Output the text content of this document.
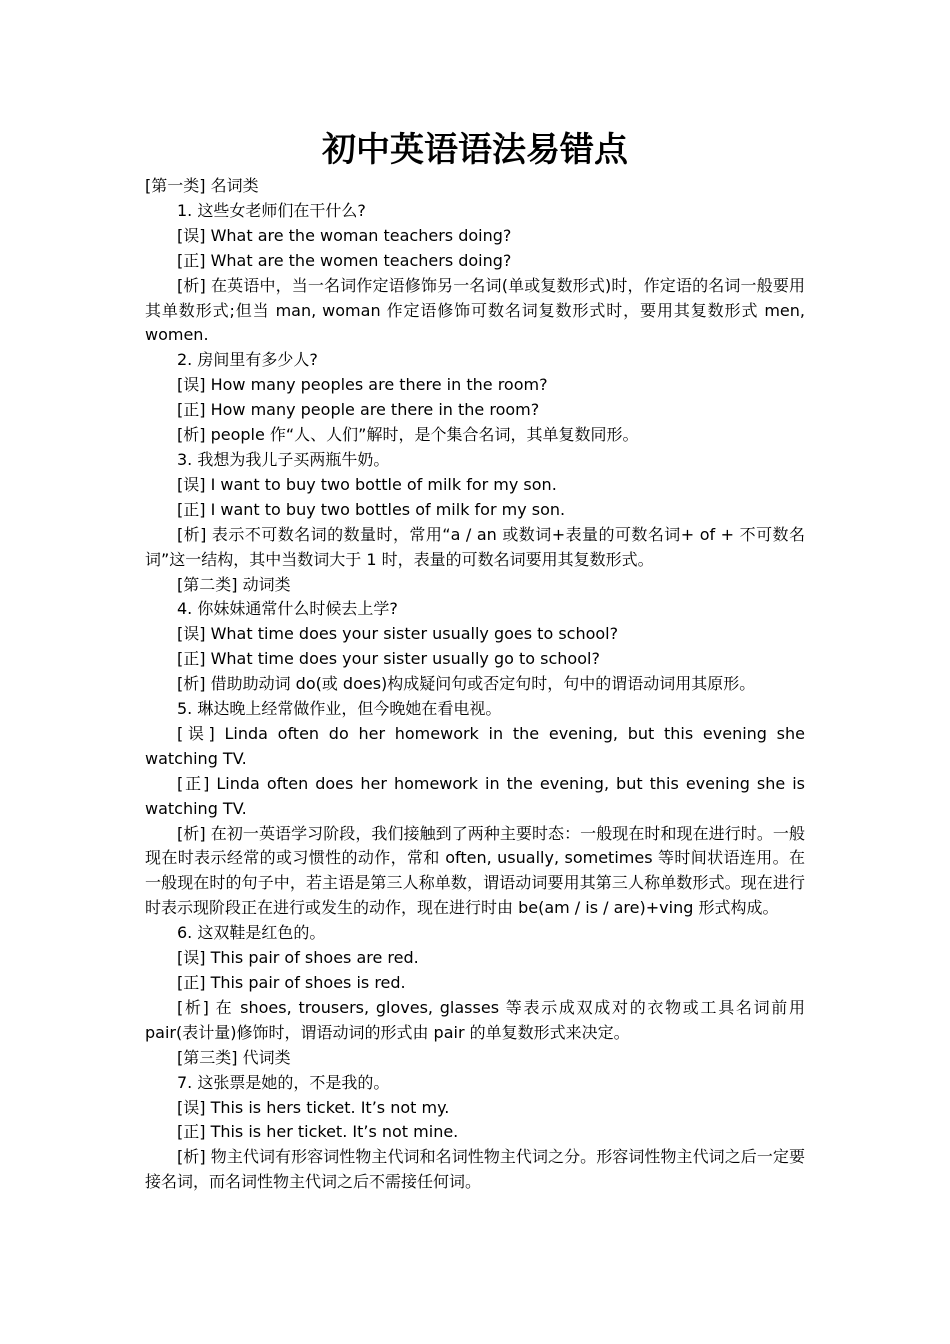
初中英语语法易错点

[第一类] 名词类

1. 这些女老师们在干什么?

[误] What are the woman teachers doing?

[正] What are the women teachers doing?

[析] 在英语中，当一名词作定语修饰另一名词(单或复数形式)时，作定语的名词一般要用其单数形式;但当 man, woman 作定语修饰可数名词复数形式时，要用其复数形式 men, women.

2. 房间里有多少人?

[误] How many peoples are there in the room?

[正] How many people are there in the room?

[析] people 作“人、人们”解时，是个集合名词，其单复数同形。

3. 我想为我儿子买两瓶牛奶。

[误] I want to buy two bottle of milk for my son.

[正] I want to buy two bottles of milk for my son.

[析] 表示不可数名词的数量时，常用“a / an 或数词+表量的可数名词+ of + 不可数名词”这一结构，其中当数词大于 1 时，表量的可数名词要用其复数形式。

[第二类] 动词类

4. 你妹妹通常什么时候去上学?

[误] What time does your sister usually goes to school?

[正] What time does your sister usually go to school?

[析] 借助助动词 do(或 does)构成疑问句或否定句时，句中的谓语动词用其原形。

5. 琳达晚上经常做作业，但今晚她在看电视。

[误] Linda often do her homework in the evening, but this evening she watching TV.

[正] Linda often does her homework in the evening, but this evening she is watching TV.

[析] 在初一英语学习阶段，我们接触到了两种主要时态：一般现在时和现在进行时。一般现在时表示经常的或习惯性的动作，常和 often, usually, sometimes 等时间状语连用。在一般现在时的句子中，若主语是第三人称单数，谓语动词要用其第三人称单数形式。现在进行时表示现阶段正在进行或发生的动作，现在进行时由 be(am / is / are)+ving 形式构成。

6. 这双鞋是红色的。

[误] This pair of shoes are red.

[正] This pair of shoes is red.

[析] 在 shoes, trousers, gloves, glasses 等表示成双成对的衣物或工具名词前用 pair(表计量)修饰时，谓语动词的形式由 pair 的单复数形式来决定。

[第三类] 代词类

7. 这张票是她的，不是我的。

[误] This is hers ticket. It’s not my.

[正] This is her ticket. It’s not mine.

[析] 物主代词有形容词性物主代词和名词性物主代词之分。形容词性物主代词之后一定要接名词，而名词性物主代词之后不需接任何词。
